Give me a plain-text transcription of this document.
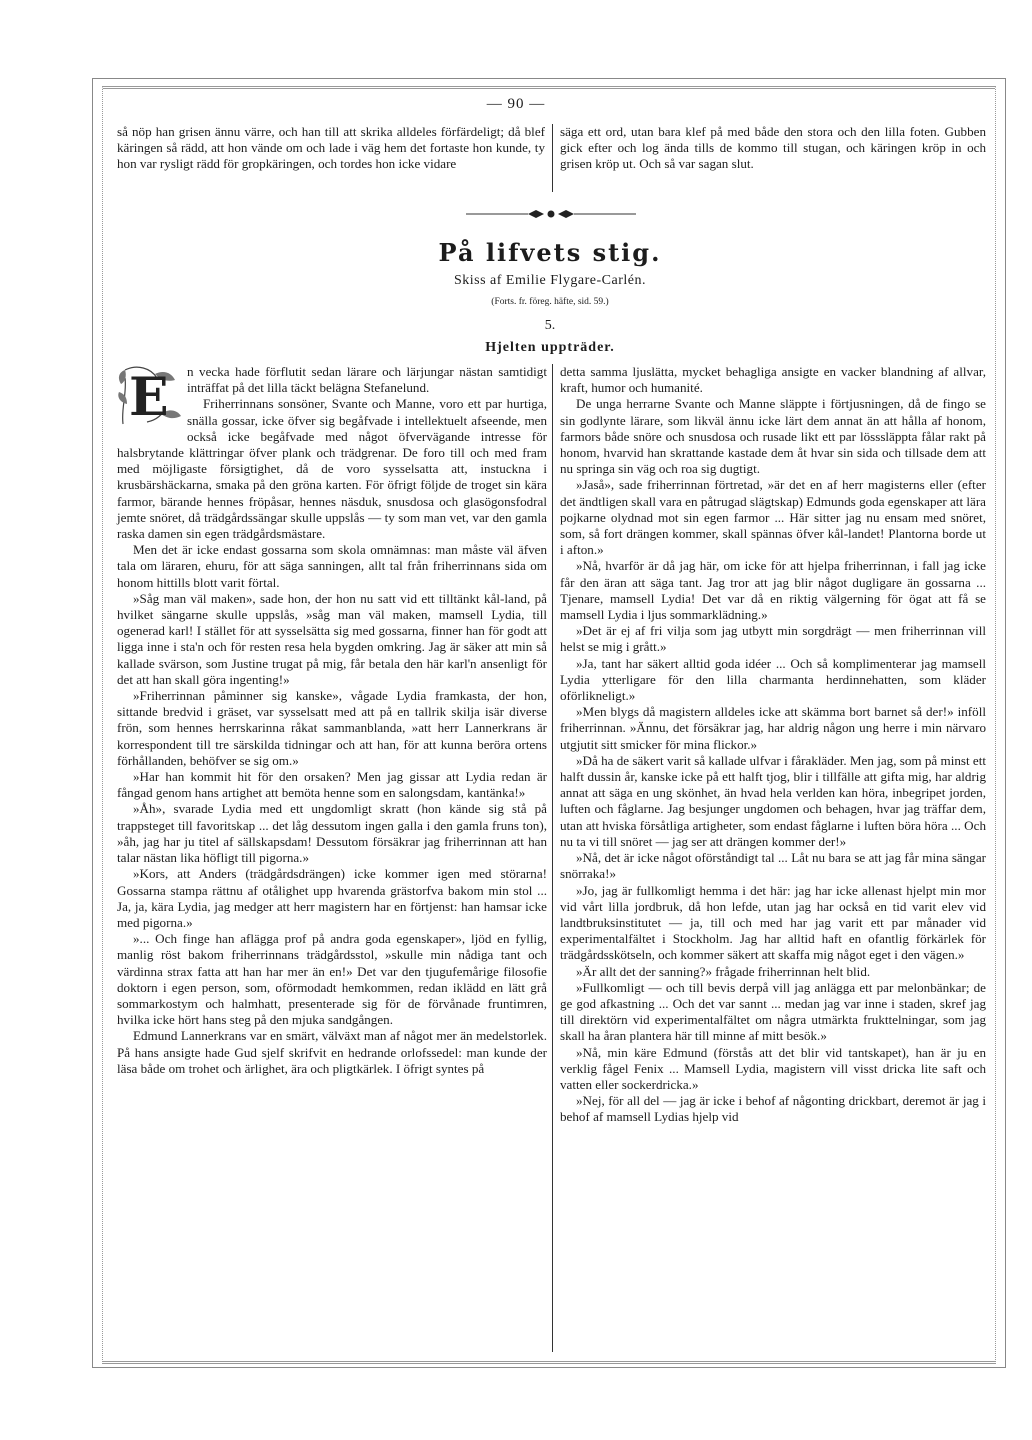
— 90 —

så nöp han grisen ännu värre, och han till att skrika alldeles förfärdeligt; då blef käringen så rädd, att hon vände om och lade i väg hem det fortaste hon kunde, ty hon var rysligt rädd för gropkäringen, och tordes hon icke vidare

säga ett ord, utan bara klef på med både den stora och den lilla foten. Gubben gick efter och log ända tills de kommo till stugan, och käringen kröp in och grisen kröp ut. Och så var sagan slut.

På lifvets stig.
Skiss af Emilie Flygare-Carlén.
(Forts. fr. föreg. häfte, sid. 59.)
5.
Hjelten uppträder.
E	n vecka hade förflutit sedan lärare och lärjungar nästan samtidigt inträffat på det lilla täckt belägna Stefanelund.

Friherrinnans sonsöner, Svante och Manne, voro ett par hurtiga, snälla gossar, icke öfver sig begåfvade i intellektuelt afseende, men också icke begåfvade med något öfvervägande intresse för halsbrytande klättringar öfver plank och trädgrenar. De foro till och med fram med möjligaste försigtighet, då de voro sysselsatta att, instuckna i krusbärshäckarna, smaka på den gröna karten. För öfrigt följde de troget sin kära farmor, bärande hennes fröpåsar, hennes näsduk, snusdosa och glasögonsfodral jemte snöret, då trädgårdssängar skulle uppslås — ty som man vet, var den gamla raska damen sin egen trädgårdsmästare.

Men det är icke endast gossarna som skola omnämnas: man måste väl äfven tala om läraren, ehuru, för att säga sanningen, allt tal från friherrinnans sida om honom hittills blott varit förtal.

»Såg man väl maken», sade hon, der hon nu satt vid ett tilltänkt kål-land, på hvilket sängarne skulle uppslås, »såg man väl maken, mamsell Lydia, till ogenerad karl! I stället för att sysselsätta sig med gossarna, finner han för godt att ligga inne i sta'n och för resten resa hela bygden omkring. Jag är säker att min så kallade svärson, som Justine trugat på mig, får betala den här karl'n ansenligt för det att han skall göra ingenting!»

»Friherrinnan påminner sig kanske», vågade Lydia framkasta, der hon, sittande bredvid i gräset, var sysselsatt med att på en tallrik skilja isär diverse frön, som hennes herrskarinna råkat sammanblanda, »att herr Lannerkrans är korrespondent till tre särskilda tidningar och att han, för att kunna beröra ortens förhållanden, behöfver se sig om.»

»Har han kommit hit för den orsaken? Men jag gissar att Lydia redan är fångad genom hans artighet att bemöta henne som en salongsdam, kantänka!»

»Åh», svarade Lydia med ett ungdomligt skratt (hon kände sig stå på trappsteget till favoritskap ... det låg dessutom ingen galla i den gamla fruns ton), »åh, jag har ju titel af sällskapsdam! Dessutom försäkrar jag friherrinnan att han talar nästan lika höfligt till pigorna.»

»Kors, att Anders (trädgårdsdrängen) icke kommer igen med störarna! Gossarna stampa rättnu af otålighet upp hvarenda grästorfva bakom min stol ... Ja, ja, kära Lydia, jag medger att herr magistern har en förtjenst: han hamsar icke med pigorna.»

»... Och finge han aflägga prof på andra goda egenskaper», ljöd en fyllig, manlig röst bakom friherrinnans trädgårdsstol, »skulle min nådiga tant och värdinna strax fatta att han har mer än en!» Det var den tjugufemårige filosofie doktorn i egen person, som, oförmodadt hemkommen, redan iklädd en lätt grå sommarkostym och halmhatt, presenterade sig för de förvånade fruntimren, hvilka icke hört hans steg på den mjuka sandgången.

Edmund Lannerkrans var en smärt, välväxt man af något mer än medelstorlek. På hans ansigte hade Gud sjelf skrifvit en hedrande orlofssedel: man kunde der läsa både om trohet och ärlighet, ära och pligtkärlek. I öfrigt syntes på

detta samma ljuslätta, mycket behagliga ansigte en vacker blandning af allvar, kraft, humor och humanité.

De unga herrarne Svante och Manne släppte i förtjusningen, då de fingo se sin godlynte lärare, som likväl ännu icke lärt dem annat än att hålla af honom, farmors både snöre och snusdosa och rusade likt ett par lösssläppta fålar rakt på honom, hvarvid han skrattande kastade dem åt hvar sin sida och tillsade dem att nu springa sin väg och roa sig dugtigt.

»Jaså», sade friherrinnan förtretad, »är det en af herr magisterns eller (efter det ändtligen skall vara en påtrugad slägtskap) Edmunds goda egenskaper att lära pojkarne olydnad mot sin egen farmor ... Här sitter jag nu ensam med snöret, som, så fort drängen kommer, skall spännas öfver kål-landet! Plantorna borde ut i afton.»

»Nå, hvarför är då jag här, om icke för att hjelpa friherrinnan, i fall jag icke får den äran att säga tant. Jag tror att jag blir något dugligare än gossarna ... Tjenare, mamsell Lydia! Det var då en riktig välgerning för ögat att få se mamsell Lydia i ljus sommarklädning.»

»Det är ej af fri vilja som jag utbytt min sorgdrägt — men friherrinnan vill helst se mig i grått.»

»Ja, tant har säkert alltid goda idéer ... Och så komplimenterar jag mamsell Lydia ytterligare för den lilla charmanta herdinnehatten, som kläder oförlikneligt.»

»Men blygs då magistern alldeles icke att skämma bort barnet så der!» inföll friherrinnan. »Ännu, det försäkrar jag, har aldrig någon ung herre i min närvaro utgjutit sitt smicker för mina flickor.»

»Då ha de säkert varit så kallade ulfvar i fårakläder. Men jag, som på minst ett halft dussin år, kanske icke på ett halft tjog, blir i tillfälle att gifta mig, har aldrig annat att säga en ung skönhet, än hvad hela verlden kan höra, inbegripet jorden, luften och fåglarne. Jag besjunger ungdomen och behagen, hvar jag träffar dem, utan att hviska försåtliga artigheter, som endast fåglarne i luften böra höra ... Och nu ta vi till snöret — jag ser att drängen kommer der!»

»Nå, det är icke något oförståndigt tal ... Låt nu bara se att jag får mina sängar snörraka!»

»Jo, jag är fullkomligt hemma i det här: jag har icke allenast hjelpt min mor vid vårt lilla jordbruk, då hon lefde, utan jag har också en tid varit elev vid landtbruksinstitutet — ja, till och med har jag varit ett par månader vid experimentalfältet i Stockholm. Jag har alltid haft en ofantlig förkärlek för trädgårdsskötseln, och kommer säkert att skaffa mig något eget i den vägen.»

»Är allt det der sanning?» frågade friherrinnan helt blid.

»Fullkomligt — och till bevis derpå vill jag anlägga ett par melonbänkar; de ge god afkastning ... Och det var sannt ... medan jag var inne i staden, skref jag till direktörn vid experimentalfältet om några utmärkta frukttelningar, som jag skall ha åran plantera här till minne af mitt besök.»

»Nå, min käre Edmund (förstås att det blir vid tantskapet), han är ju en verklig fågel Fenix ... Mamsell Lydia, magistern vill visst dricka lite saft och vatten eller sockerdricka.»

»Nej, för all del — jag är icke i behof af någonting drickbart, deremot är jag i behof af mamsell Lydias hjelp vid
